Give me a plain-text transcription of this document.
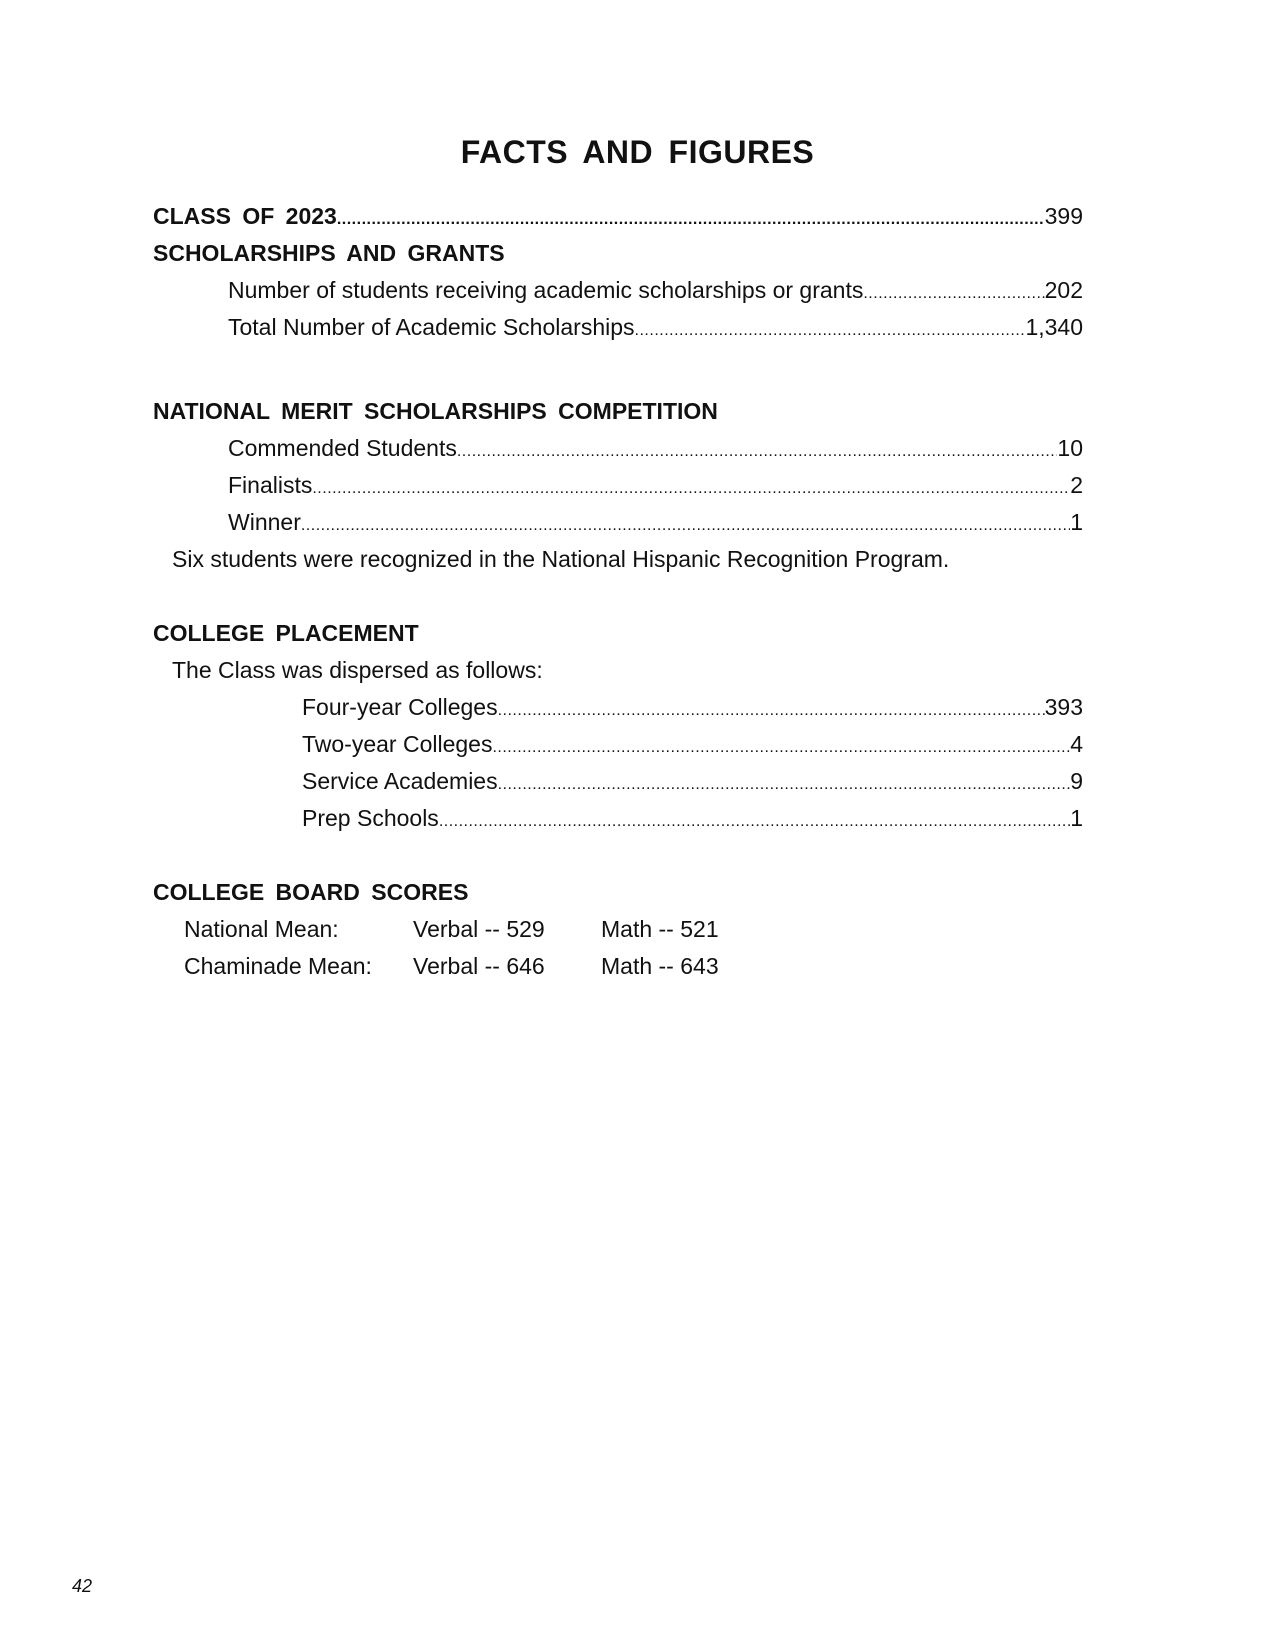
FACTS AND FIGURES
CLASS OF 2023 .....	399
SCHOLARSHIPS AND GRANTS
Number of students receiving academic scholarships or grants .....	202
Total Number of Academic Scholarships .....	1,340
NATIONAL MERIT SCHOLARSHIPS COMPETITION
Commended Students .....	10
Finalists .....	2
Winner .....	1
Six students were recognized in the National Hispanic Recognition Program.
COLLEGE PLACEMENT
The Class was dispersed as follows:
Four-year Colleges .....	393
Two-year Colleges .....	4
Service Academies .....	9
Prep Schools .....	1
COLLEGE BOARD SCORES
National Mean:	Verbal -- 529 Math -- 521
Chaminade Mean: Verbal -- 646 Math -- 643
42
